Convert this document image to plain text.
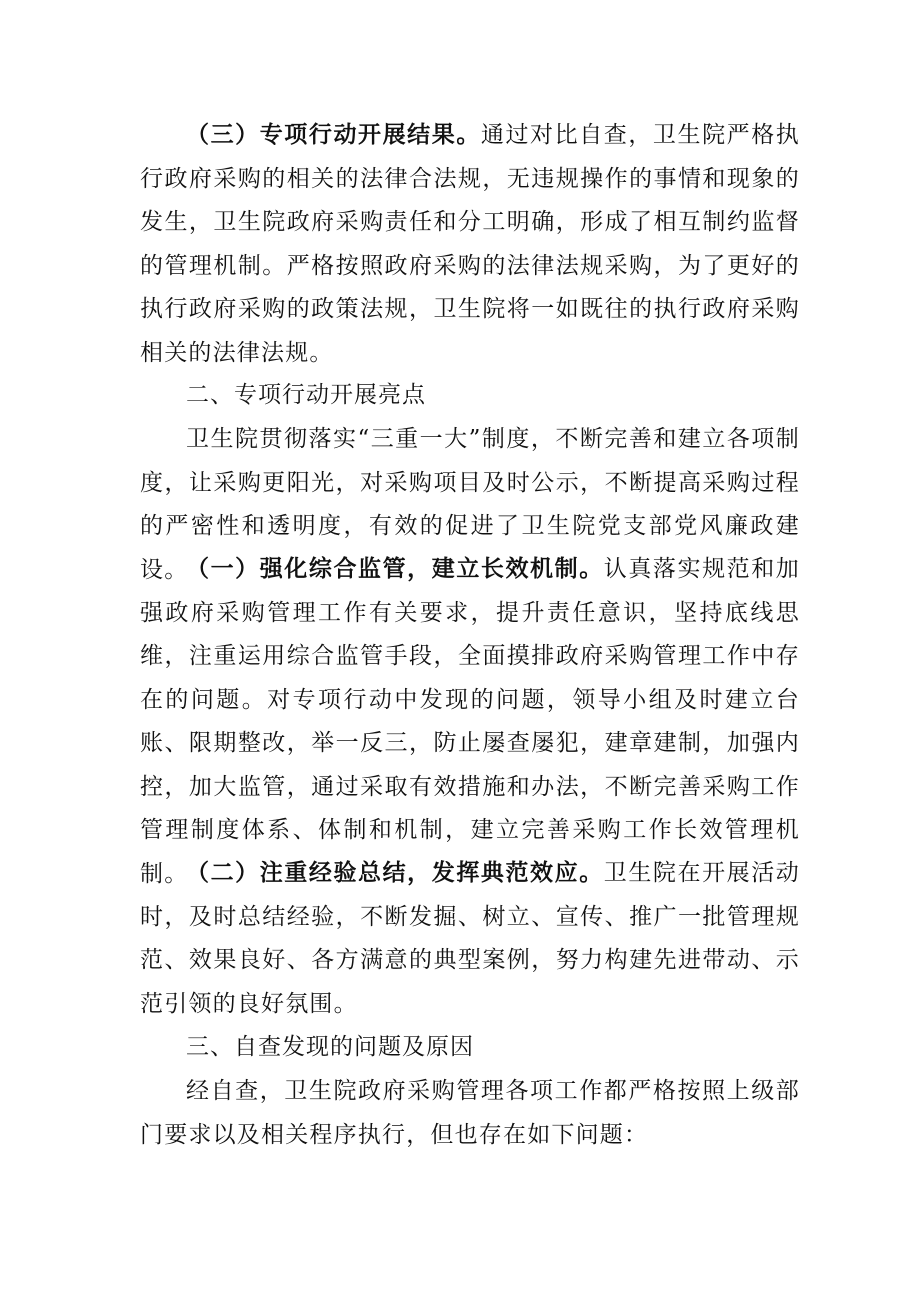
（三）专项行动开展结果。通过对比自查，卫生院严格执行政府采购的相关的法律合法规，无违规操作的事情和现象的发生，卫生院政府采购责任和分工明确，形成了相互制约监督的管理机制。严格按照政府采购的法律法规采购，为了更好的执行政府采购的政策法规，卫生院将一如既往的执行政府采购相关的法律法规。

二、专项行动开展亮点

卫生院贯彻落实“三重一大”制度，不断完善和建立各项制度，让采购更阳光，对采购项目及时公示，不断提高采购过程的严密性和透明度，有效的促进了卫生院党支部党风廉政建设。

（一）强化综合监管，建立长效机制。认真落实规范和加强政府采购管理工作有关要求，提升责任意识，坚持底线思维，注重运用综合监管手段，全面摸排政府采购管理工作中存在的问题。对专项行动中发现的问题，领导小组及时建立台账、限期整改，举一反三，防止屡查屡犯，建章建制，加强内控，加大监管，通过采取有效措施和办法，不断完善采购工作管理制度体系、体制和机制，建立完善采购工作长效管理机制。

（二）注重经验总结，发挥典范效应。卫生院在开展活动时，及时总结经验，不断发掘、树立、宣传、推广一批管理规范、效果良好、各方满意的典型案例，努力构建先进带动、示范引领的良好氛围。

三、自查发现的问题及原因

经自查，卫生院政府采购管理各项工作都严格按照上级部门要求以及相关程序执行，但也存在如下问题：
